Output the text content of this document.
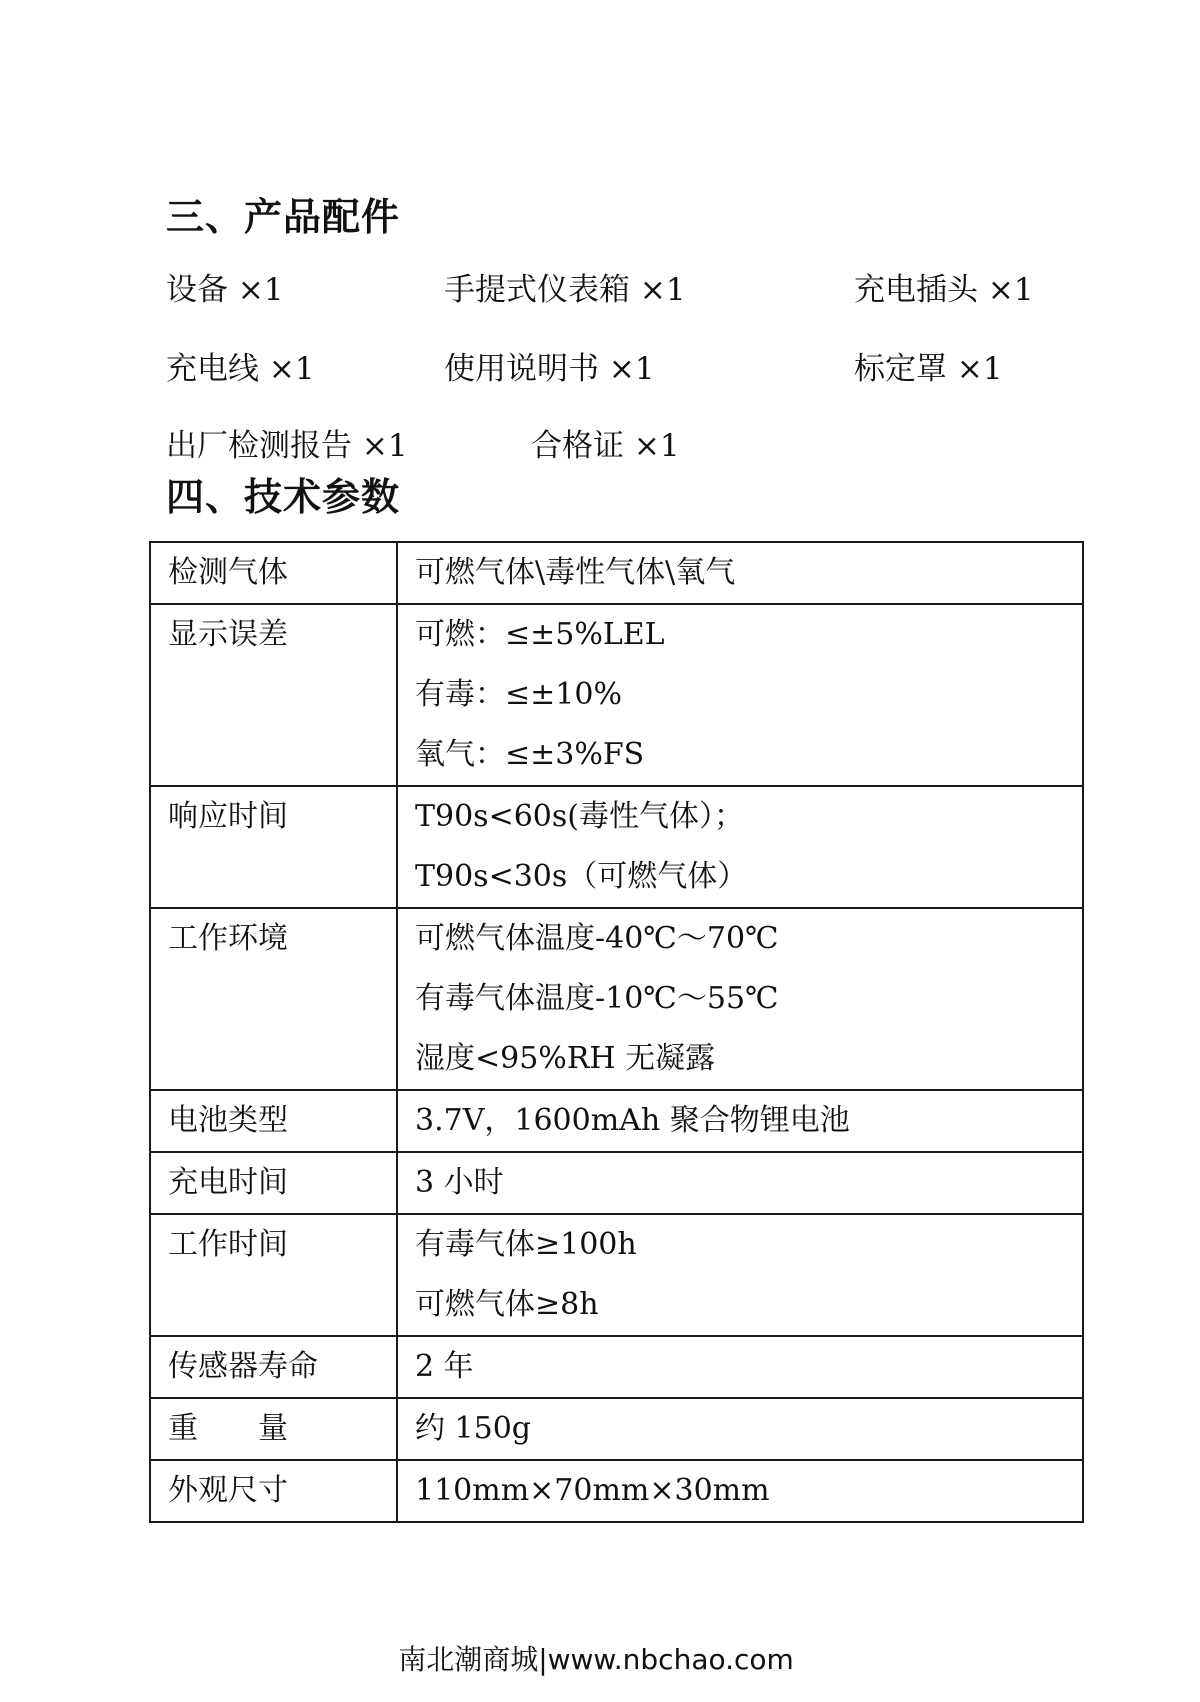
三、产品配件
设备 ×1	手提式仪表箱 ×1	充电插头 ×1
充电线 ×1	使用说明书 ×1	标定罩 ×1
出厂检测报告 ×1	合格证 ×1
四、技术参数
检测气体	可燃气体\毒性气体\氧气

显示误差	可燃：≤±5%LEL
有毒：≤±10%
氧气：≤±3%FS

响应时间	T90s<60s(毒性气体）；
T90s<30s（可燃气体）

工作环境	可燃气体温度-40℃～70℃
有毒气体温度-10℃～55℃
湿度<95%RH 无凝露

电池类型	3.7V，1600mAh 聚合物锂电池

充电时间	3 小时

工作时间	有毒气体≥100h
可燃气体≥8h

传感器寿命	2 年

重　　量	约 150g

外观尺寸	110mm×70mm×30mm
南北潮商城|www.nbchao.com
